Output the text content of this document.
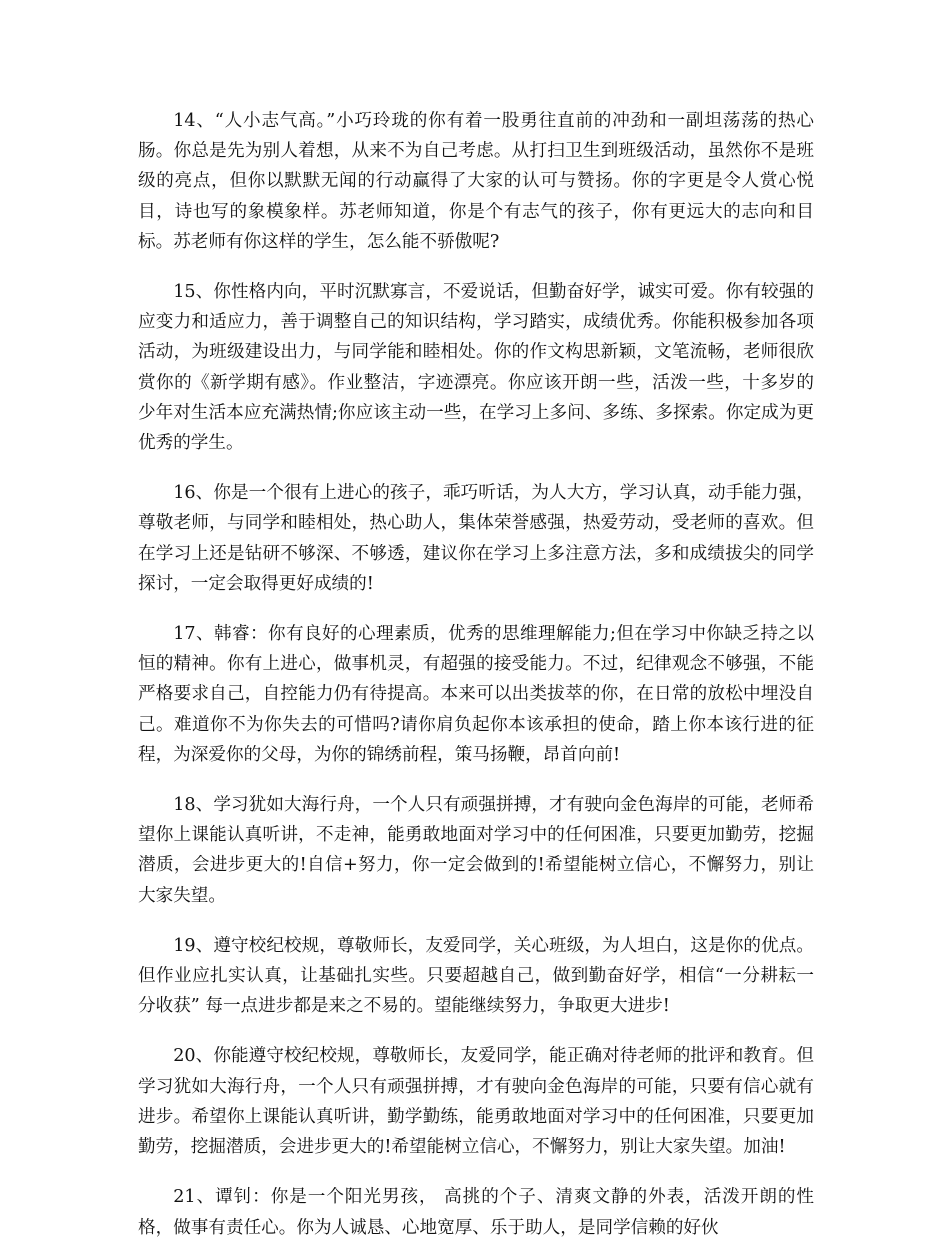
14、“人小志气高。”小巧玲珑的你有着一股勇往直前的冲劲和一副坦荡荡的热心肠。你总是先为别人着想，从来不为自己考虑。从打扫卫生到班级活动，虽然你不是班级的亮点，但你以默默无闻的行动赢得了大家的认可与赞扬。你的字更是令人赏心悦目，诗也写的象模象样。苏老师知道，你是个有志气的孩子，你有更远大的志向和目标。苏老师有你这样的学生，怎么能不骄傲呢?

15、你性格内向，平时沉默寡言，不爱说话，但勤奋好学，诚实可爱。你有较强的应变力和适应力，善于调整自己的知识结构，学习踏实，成绩优秀。你能积极参加各项活动，为班级建设出力，与同学能和睦相处。你的作文构思新颖，文笔流畅，老师很欣赏你的《新学期有感》。作业整洁，字迹漂亮。你应该开朗一些，活泼一些，十多岁的少年对生活本应充满热情;你应该主动一些，在学习上多问、多练、多探索。你定成为更优秀的学生。

16、你是一个很有上进心的孩子，乖巧听话，为人大方，学习认真，动手能力强，尊敬老师，与同学和睦相处，热心助人，集体荣誉感强，热爱劳动，受老师的喜欢。但在学习上还是钻研不够深、不够透，建议你在学习上多注意方法，多和成绩拔尖的同学探讨，一定会取得更好成绩的!

17、韩睿：你有良好的心理素质，优秀的思维理解能力;但在学习中你缺乏持之以恒的精神。你有上进心，做事机灵，有超强的接受能力。不过，纪律观念不够强，不能严格要求自己，自控能力仍有待提高。本来可以出类拔萃的你，在日常的放松中埋没自己。难道你不为你失去的可惜吗?请你肩负起你本该承担的使命，踏上你本该行进的征程，为深爱你的父母，为你的锦绣前程，策马扬鞭，昂首向前!

18、学习犹如大海行舟，一个人只有顽强拼搏，才有驶向金色海岸的可能，老师希望你上课能认真听讲，不走神，能勇敢地面对学习中的任何困准，只要更加勤劳，挖掘潜质，会进步更大的!自信+努力，你一定会做到的!希望能树立信心，不懈努力，别让大家失望。

19、遵守校纪校规，尊敬师长，友爱同学，关心班级，为人坦白，这是你的优点。但作业应扎实认真，让基础扎实些。只要超越自己，做到勤奋好学，相信“一分耕耘一分收获” 每一点进步都是来之不易的。望能继续努力，争取更大进步!

20、你能遵守校纪校规，尊敬师长，友爱同学，能正确对待老师的批评和教育。但学习犹如大海行舟，一个人只有顽强拼搏，才有驶向金色海岸的可能，只要有信心就有进步。希望你上课能认真听讲，勤学勤练，能勇敢地面对学习中的任何困准，只要更加勤劳，挖掘潜质，会进步更大的!希望能树立信心，不懈努力，别让大家失望。加油!

21、谭钊：你是一个阳光男孩， 高挑的个子、清爽文静的外表，活泼开朗的性格，做事有责任心。你为人诚恳、心地宽厚、乐于助人，是同学信赖的好伙
